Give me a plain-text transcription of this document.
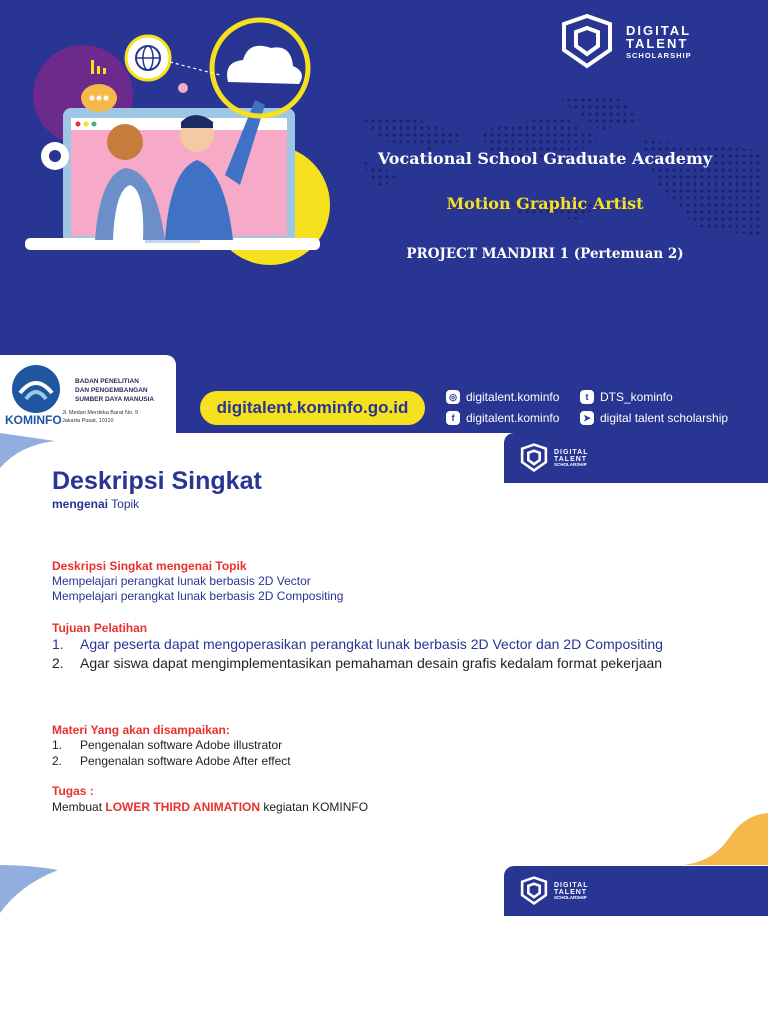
Vocational School Graduate Academy
Motion Graphic Artist
PROJECT MANDIRI 1 (Pertemuan 2)
DIGITAL
TALENT
SCHOLARSHIP
KOMINFO
BADAN PENELITIAN
DAN PENGEMBANGAN
SUMBER DAYA MANUSIA
Jl. Medan Merdeka Barat No. 9
Jakarta Pusat, 10110
digitalent.kominfo.go.id
◎ digitalent.kominfo	t DTS_kominfo
f digitalent.kominfo	➤ digital talent scholarship
DIGITAL
TALENT
SCHOLARSHIP
Deskripsi Singkat
mengenai Topik
Deskripsi Singkat mengenai Topik
Mempelajari perangkat lunak berbasis 2D Vector
Mempelajari perangkat lunak berbasis 2D Compositing
Tujuan Pelatihan
1.	Agar peserta dapat mengoperasikan perangkat lunak berbasis 2D Vector dan 2D Compositing
2.	Agar siswa dapat mengimplementasikan pemahaman desain grafis kedalam format pekerjaan
Materi Yang akan disampaikan:
1.	Pengenalan software Adobe illustrator
2.	Pengenalan software Adobe After effect
Tugas :
Membuat LOWER THIRD ANIMATION kegiatan KOMINFO
DIGITAL
TALENT
SCHOLARSHIP
